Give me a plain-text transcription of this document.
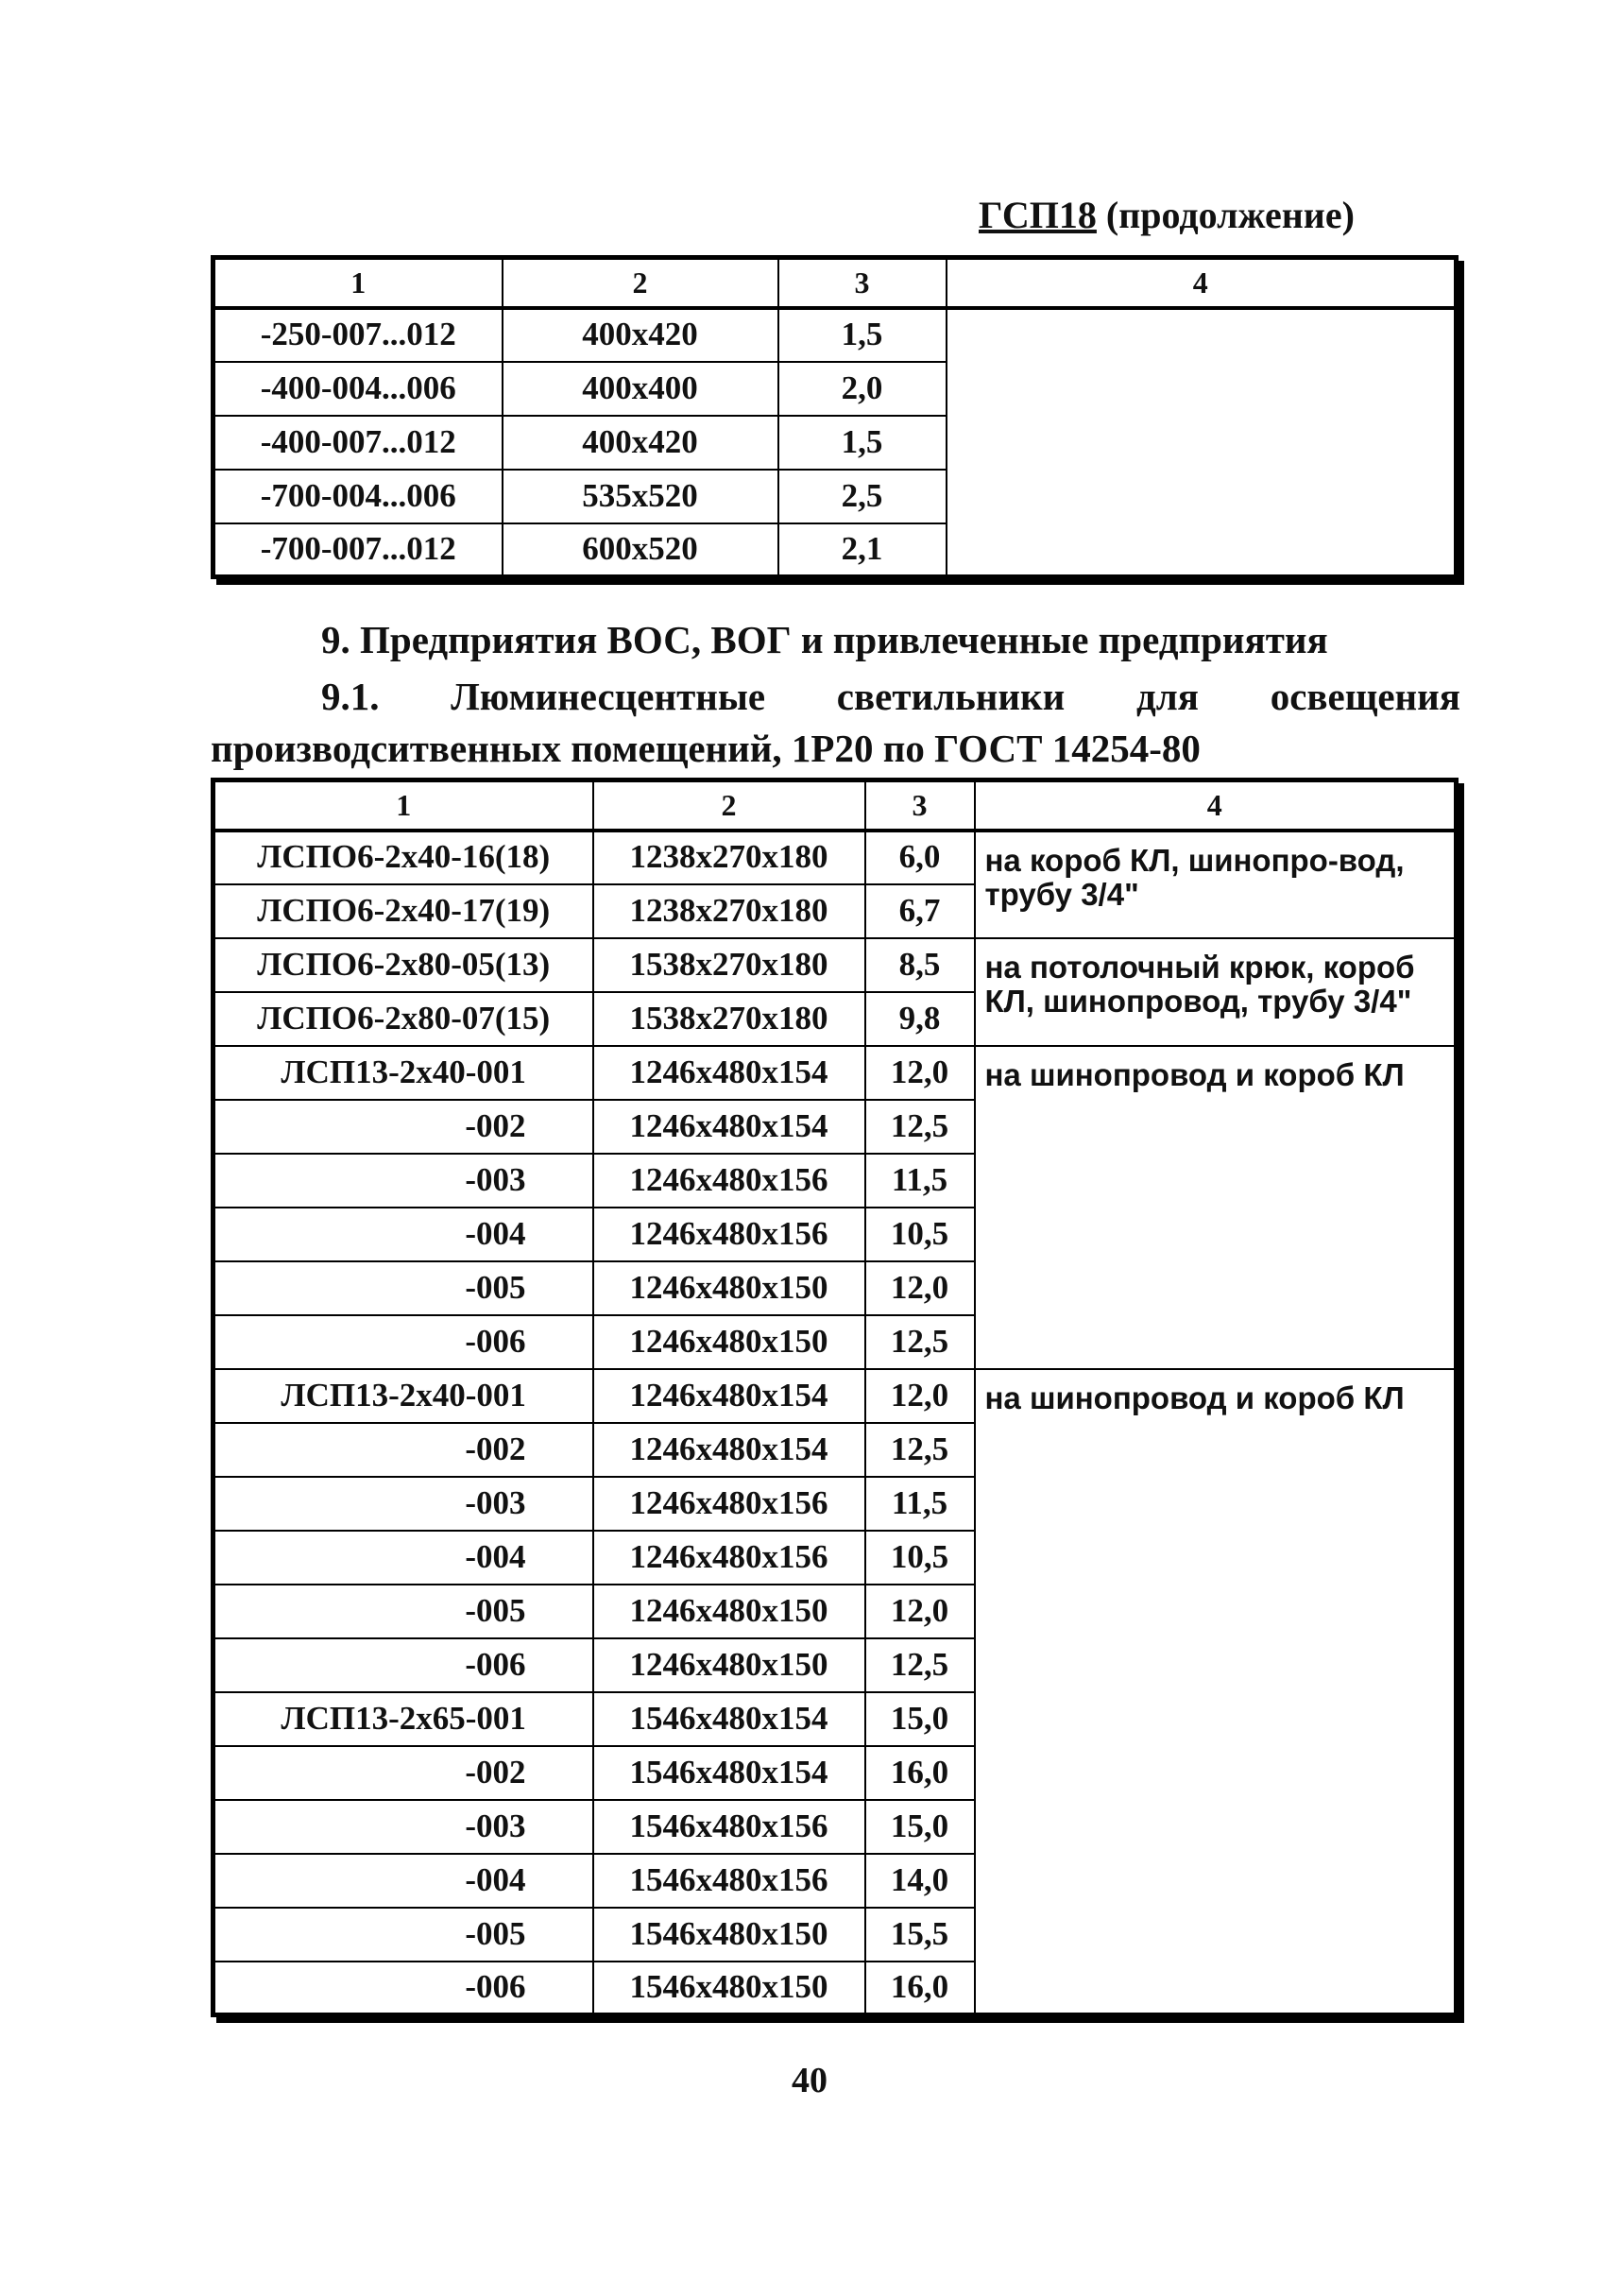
ГСП18 (продолжение)
1	2	3	4
-250-007...012	400x420	1,5	
-400-004...006	400x400	2,0	
-400-007...012	400x420	1,5	
-700-004...006	535x520	2,5	
-700-007...012	600x520	2,1	
9. Предприятия ВОС, ВОГ и привлеченные предприятия
9.1. Люминесцентные светильники для освещения
производситвенных помещений, 1Р20 по ГОСТ 14254-80
1	2	3	4
ЛСПО6-2х40-16(18)	1238х270х180	6,0	на короб КЛ, шинопро-вод, трубу 3/4"
ЛСПО6-2х40-17(19)	1238х270х180	6,7	
ЛСПО6-2х80-05(13)	1538х270х180	8,5	на потолочный крюк, короб КЛ, шинопровод, трубу 3/4"
ЛСПО6-2х80-07(15)	1538х270х180	9,8	
ЛСП13-2х40-001	1246х480х154	12,0	на шинопровод и короб КЛ
-002	1246х480х154	12,5	
-003	1246х480х156	11,5	
-004	1246х480х156	10,5	
-005	1246х480х150	12,0	
-006	1246х480х150	12,5	
ЛСП13-2х40-001	1246х480х154	12,0	на шинопровод и короб КЛ
-002	1246х480х154	12,5	
-003	1246х480х156	11,5	
-004	1246х480х156	10,5	
-005	1246х480х150	12,0	
-006	1246х480х150	12,5	
ЛСП13-2х65-001	1546х480х154	15,0	
-002	1546х480х154	16,0	
-003	1546х480х156	15,0	
-004	1546х480х156	14,0	
-005	1546х480х150	15,5	
-006	1546х480х150	16,0	
40
